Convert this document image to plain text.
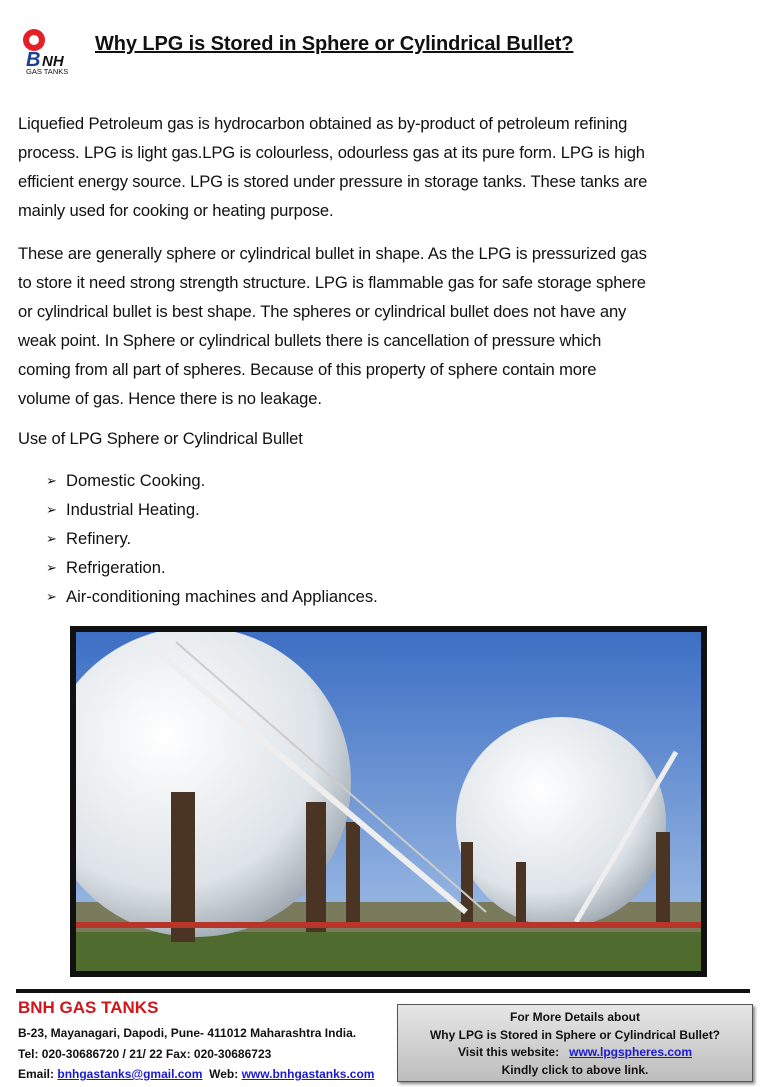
B NH
GAS TANKS
Why LPG is Stored in Sphere or Cylindrical Bullet?
Liquefied Petroleum gas is hydrocarbon obtained as by-product of petroleum refining
process. LPG is light gas.LPG is colourless, odourless gas at its pure form. LPG is high
efficient energy source. LPG is stored under pressure in storage tanks. These tanks are
mainly used for cooking or heating purpose.
These are generally sphere or cylindrical bullet in shape. As the LPG is pressurized gas
to store it need strong strength structure. LPG is flammable gas for safe storage sphere
or cylindrical bullet is best shape. The spheres or cylindrical bullet does not have any
weak point. In Sphere or cylindrical bullets there is cancellation of pressure which
coming from all part of spheres. Because of this property of sphere contain more
volume of gas. Hence there is no leakage.
Use of LPG Sphere or Cylindrical Bullet
➢ Domestic Cooking.
➢ Industrial Heating.
➢ Refinery.
➢ Refrigeration.
➢ Air-conditioning machines and Appliances.
BNH GAS TANKS
B-23, Mayanagari, Dapodi, Pune- 411012 Maharashtra India.
Tel: 020-30686720 / 21/ 22 Fax: 020-30686723
Email: bnhgastanks@gmail.com Web: www.bnhgastanks.com
For More Details about
Why LPG is Stored in Sphere or Cylindrical Bullet?
Visit this website: www.lpgspheres.com
Kindly click to above link.
